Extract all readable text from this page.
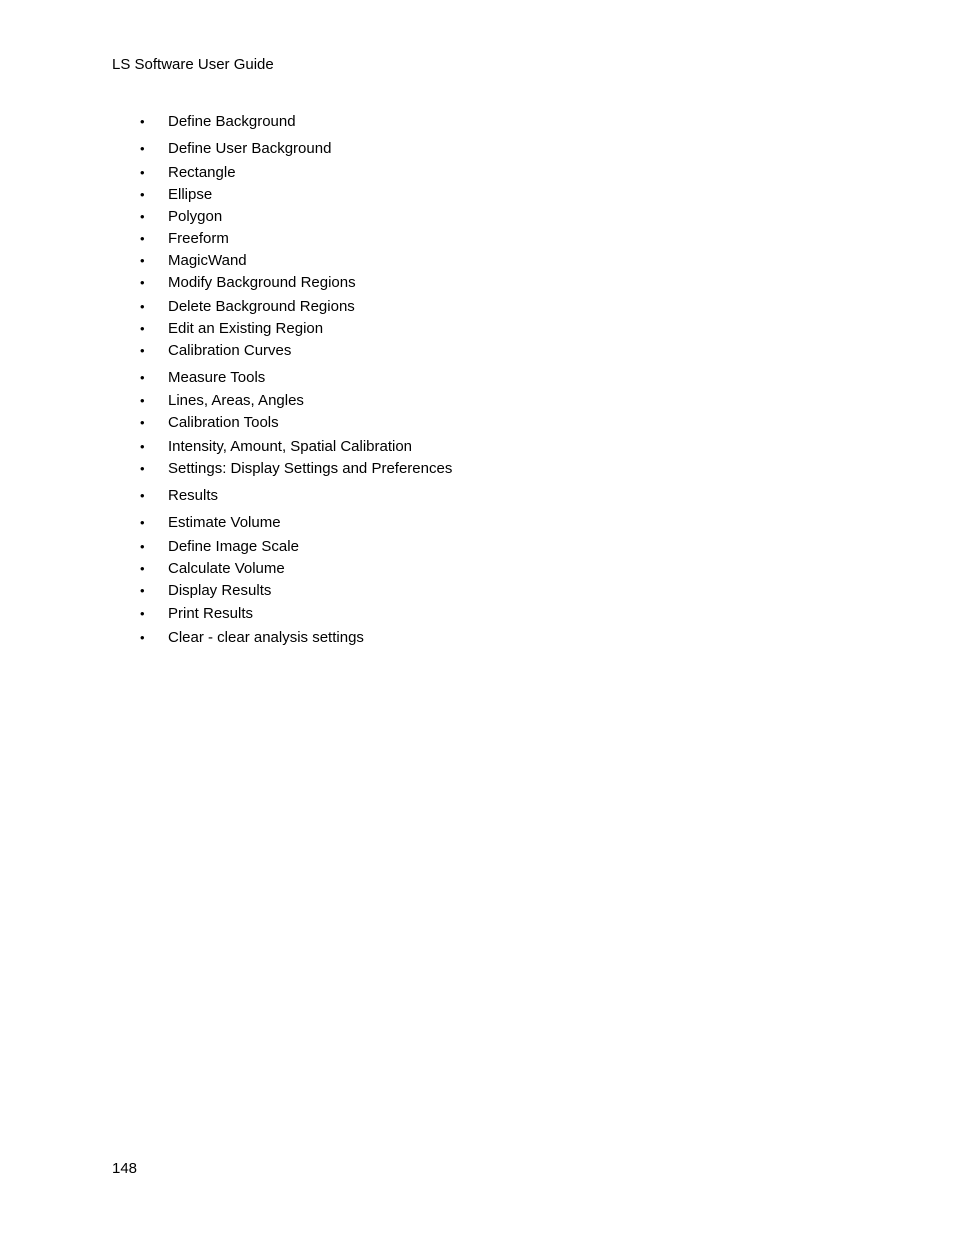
LS Software User Guide
• Define Background
• Define User Background
• Rectangle
• Ellipse
• Polygon
• Freeform
• MagicWand
• Modify Background Regions
• Delete Background Regions
• Edit an Existing Region
• Calibration Curves
• Measure Tools
• Lines, Areas, Angles
• Calibration Tools
• Intensity, Amount, Spatial Calibration
• Settings: Display Settings and Preferences
• Results
• Estimate Volume
• Define Image Scale
• Calculate Volume
• Display Results
• Print Results
• Clear - clear analysis settings
148
